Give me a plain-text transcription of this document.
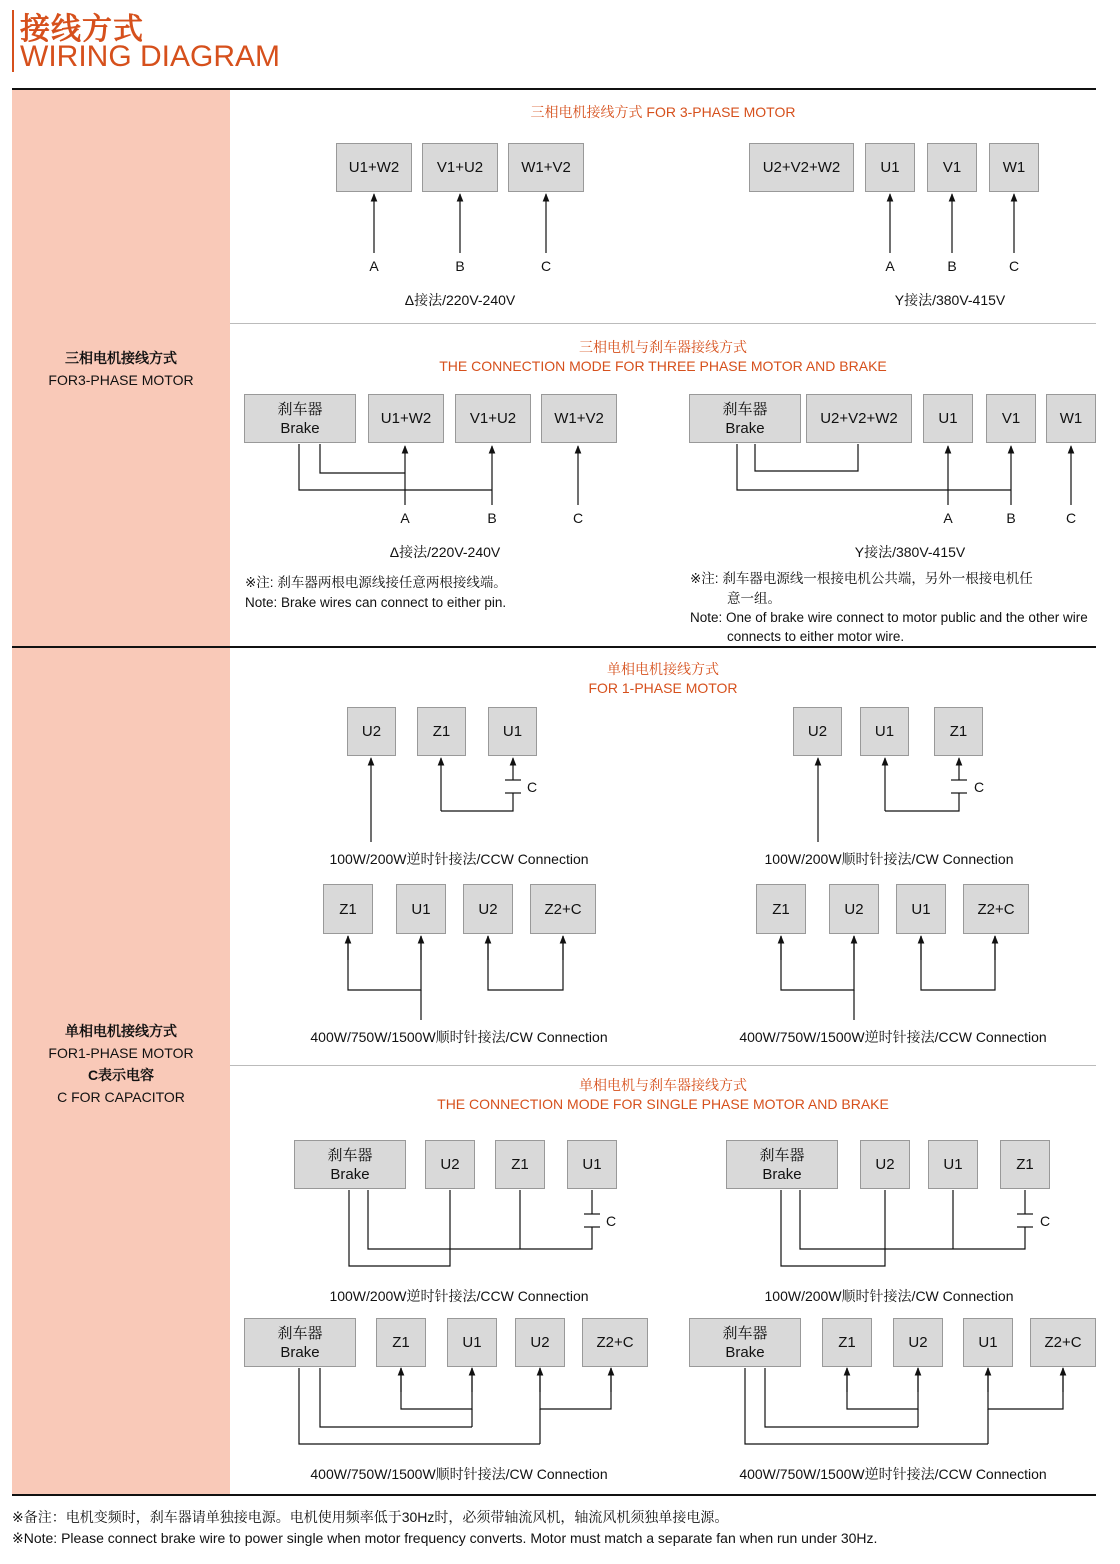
接线方式
WIRING DIAGRAM
三相电机接线方式
FOR3-PHASE MOTOR
单相电机接线方式
FOR1-PHASE MOTOR
C表示电容
C FOR CAPACITOR
三相电机接线方式 FOR 3-PHASE MOTOR
U1+W2	V1+U2	W1+V2
A	B	C
Δ接法/220V-240V
U2+V2+W2	U1	V1	W1
A	B	C
Y接法/380V-415V
三相电机与刹车器接线方式
THE CONNECTION MODE FOR THREE PHASE MOTOR AND BRAKE
刹车器
Brake
U1+W2	V1+U2	W1+V2
A	B	C
Δ接法/220V-240V
※注: 刹车器两根电源线接任意两根接线端。
Note: Brake wires can connect to either pin.
刹车器
Brake
U2+V2+W2	U1	V1	W1
A	B	C
Y接法/380V-415V
※注: 刹车器电源线一根接电机公共端，另外一根接电机任
意一组。
Note: One of brake wire connect to motor public and the other wire
connects to either motor wire.
单相电机接线方式
FOR 1-PHASE MOTOR
U2	Z1	U1
C
100W/200W逆时针接法/CCW Connection
U2	U1	Z1
C
100W/200W顺时针接法/CW Connection
Z1	U1	U2	Z2+C
400W/750W/1500W顺时针接法/CW Connection
Z1	U2	U1	Z2+C
400W/750W/1500W逆时针接法/CCW Connection
单相电机与刹车器接线方式
THE CONNECTION MODE FOR SINGLE PHASE MOTOR AND BRAKE
刹车器
Brake
U2	Z1	U1
C
100W/200W逆时针接法/CCW Connection
刹车器
Brake
U2	U1	Z1
C
100W/200W顺时针接法/CW Connection
刹车器
Brake
Z1	U1	U2	Z2+C
400W/750W/1500W顺时针接法/CW Connection
刹车器
Brake
Z1	U2	U1	Z2+C
400W/750W/1500W逆时针接法/CCW Connection
※备注：电机变频时，刹车器请单独接电源。电机使用频率低于30Hz时，必须带轴流风机，轴流风机须独单接电源。
※Note: Please connect brake wire to power single when motor frequency converts. Motor must match a separate fan when run under 30Hz.
